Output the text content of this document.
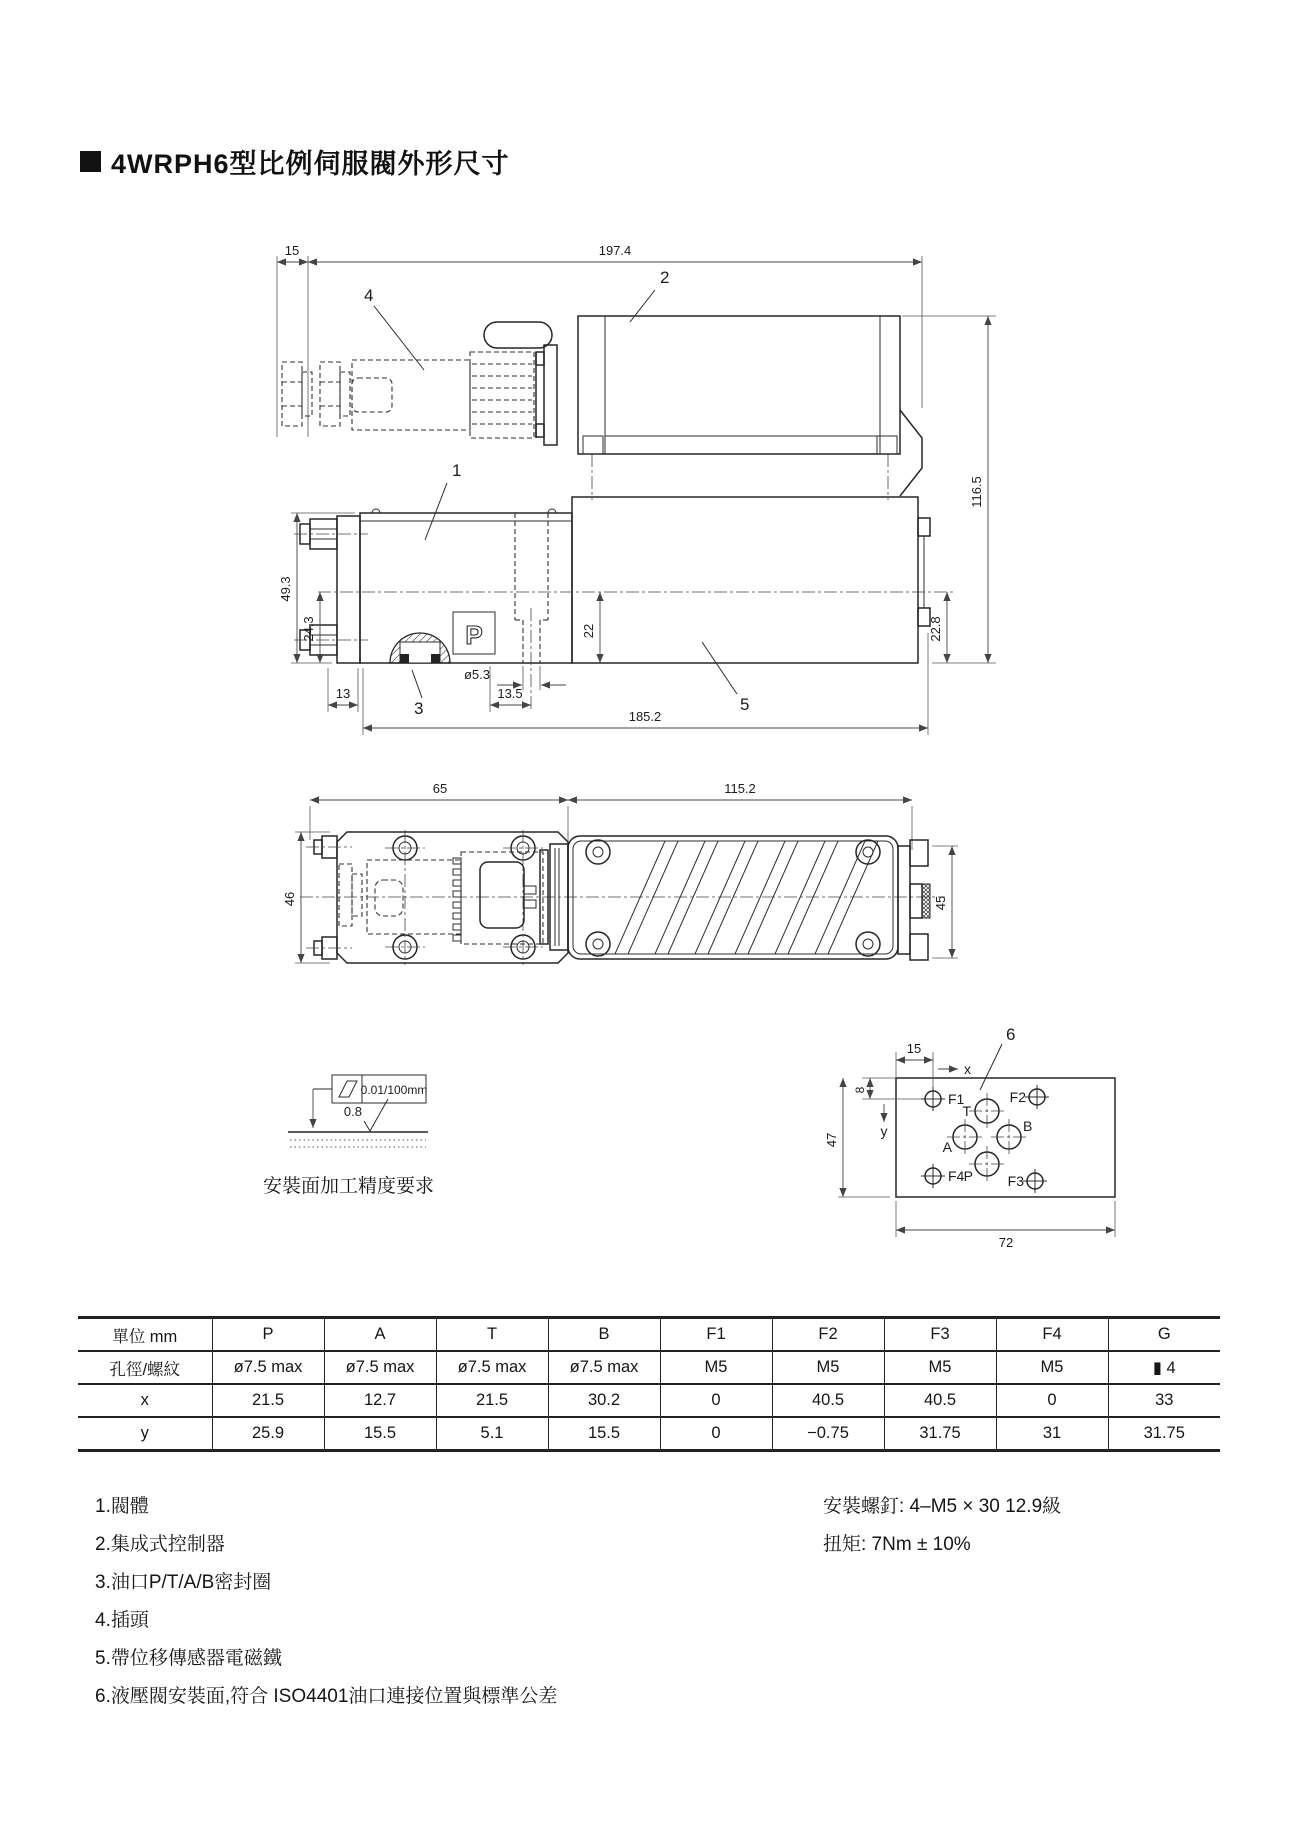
4WRPH6型比例伺服閥外形尺寸
15	197.4
P
116.5
22.8
49.3
24.3	22
13
ø5.3
13.5
185.2
1
2
3
4
5
65	115.2
46	45
0.01/100mm
0.8
安裝面加工精度要求
6
15
x
y
8
47
72
F1	F2
F4	F3
T
A
B
P
單位 mm	P	A	T	B	F1	F2	F3	F4	G
孔徑/螺紋	ø7.5 max	ø7.5 max	ø7.5 max	ø7.5 max	M5	M5	M5	M5	▮ 4
x	21.5	12.7	21.5	30.2	0	40.5	40.5	0	33
y	25.9	15.5	5.1	15.5	0	−0.75	31.75	31	31.75
1.閥體
2.集成式控制器
3.油口P/T/A/B密封圈
4.插頭
5.帶位移傳感器電磁鐵
6.液壓閥安裝面,符合 ISO4401油口連接位置與標準公差
安裝螺釘: 4–M5 × 30 12.9級
扭矩: 7Nm ± 10%
